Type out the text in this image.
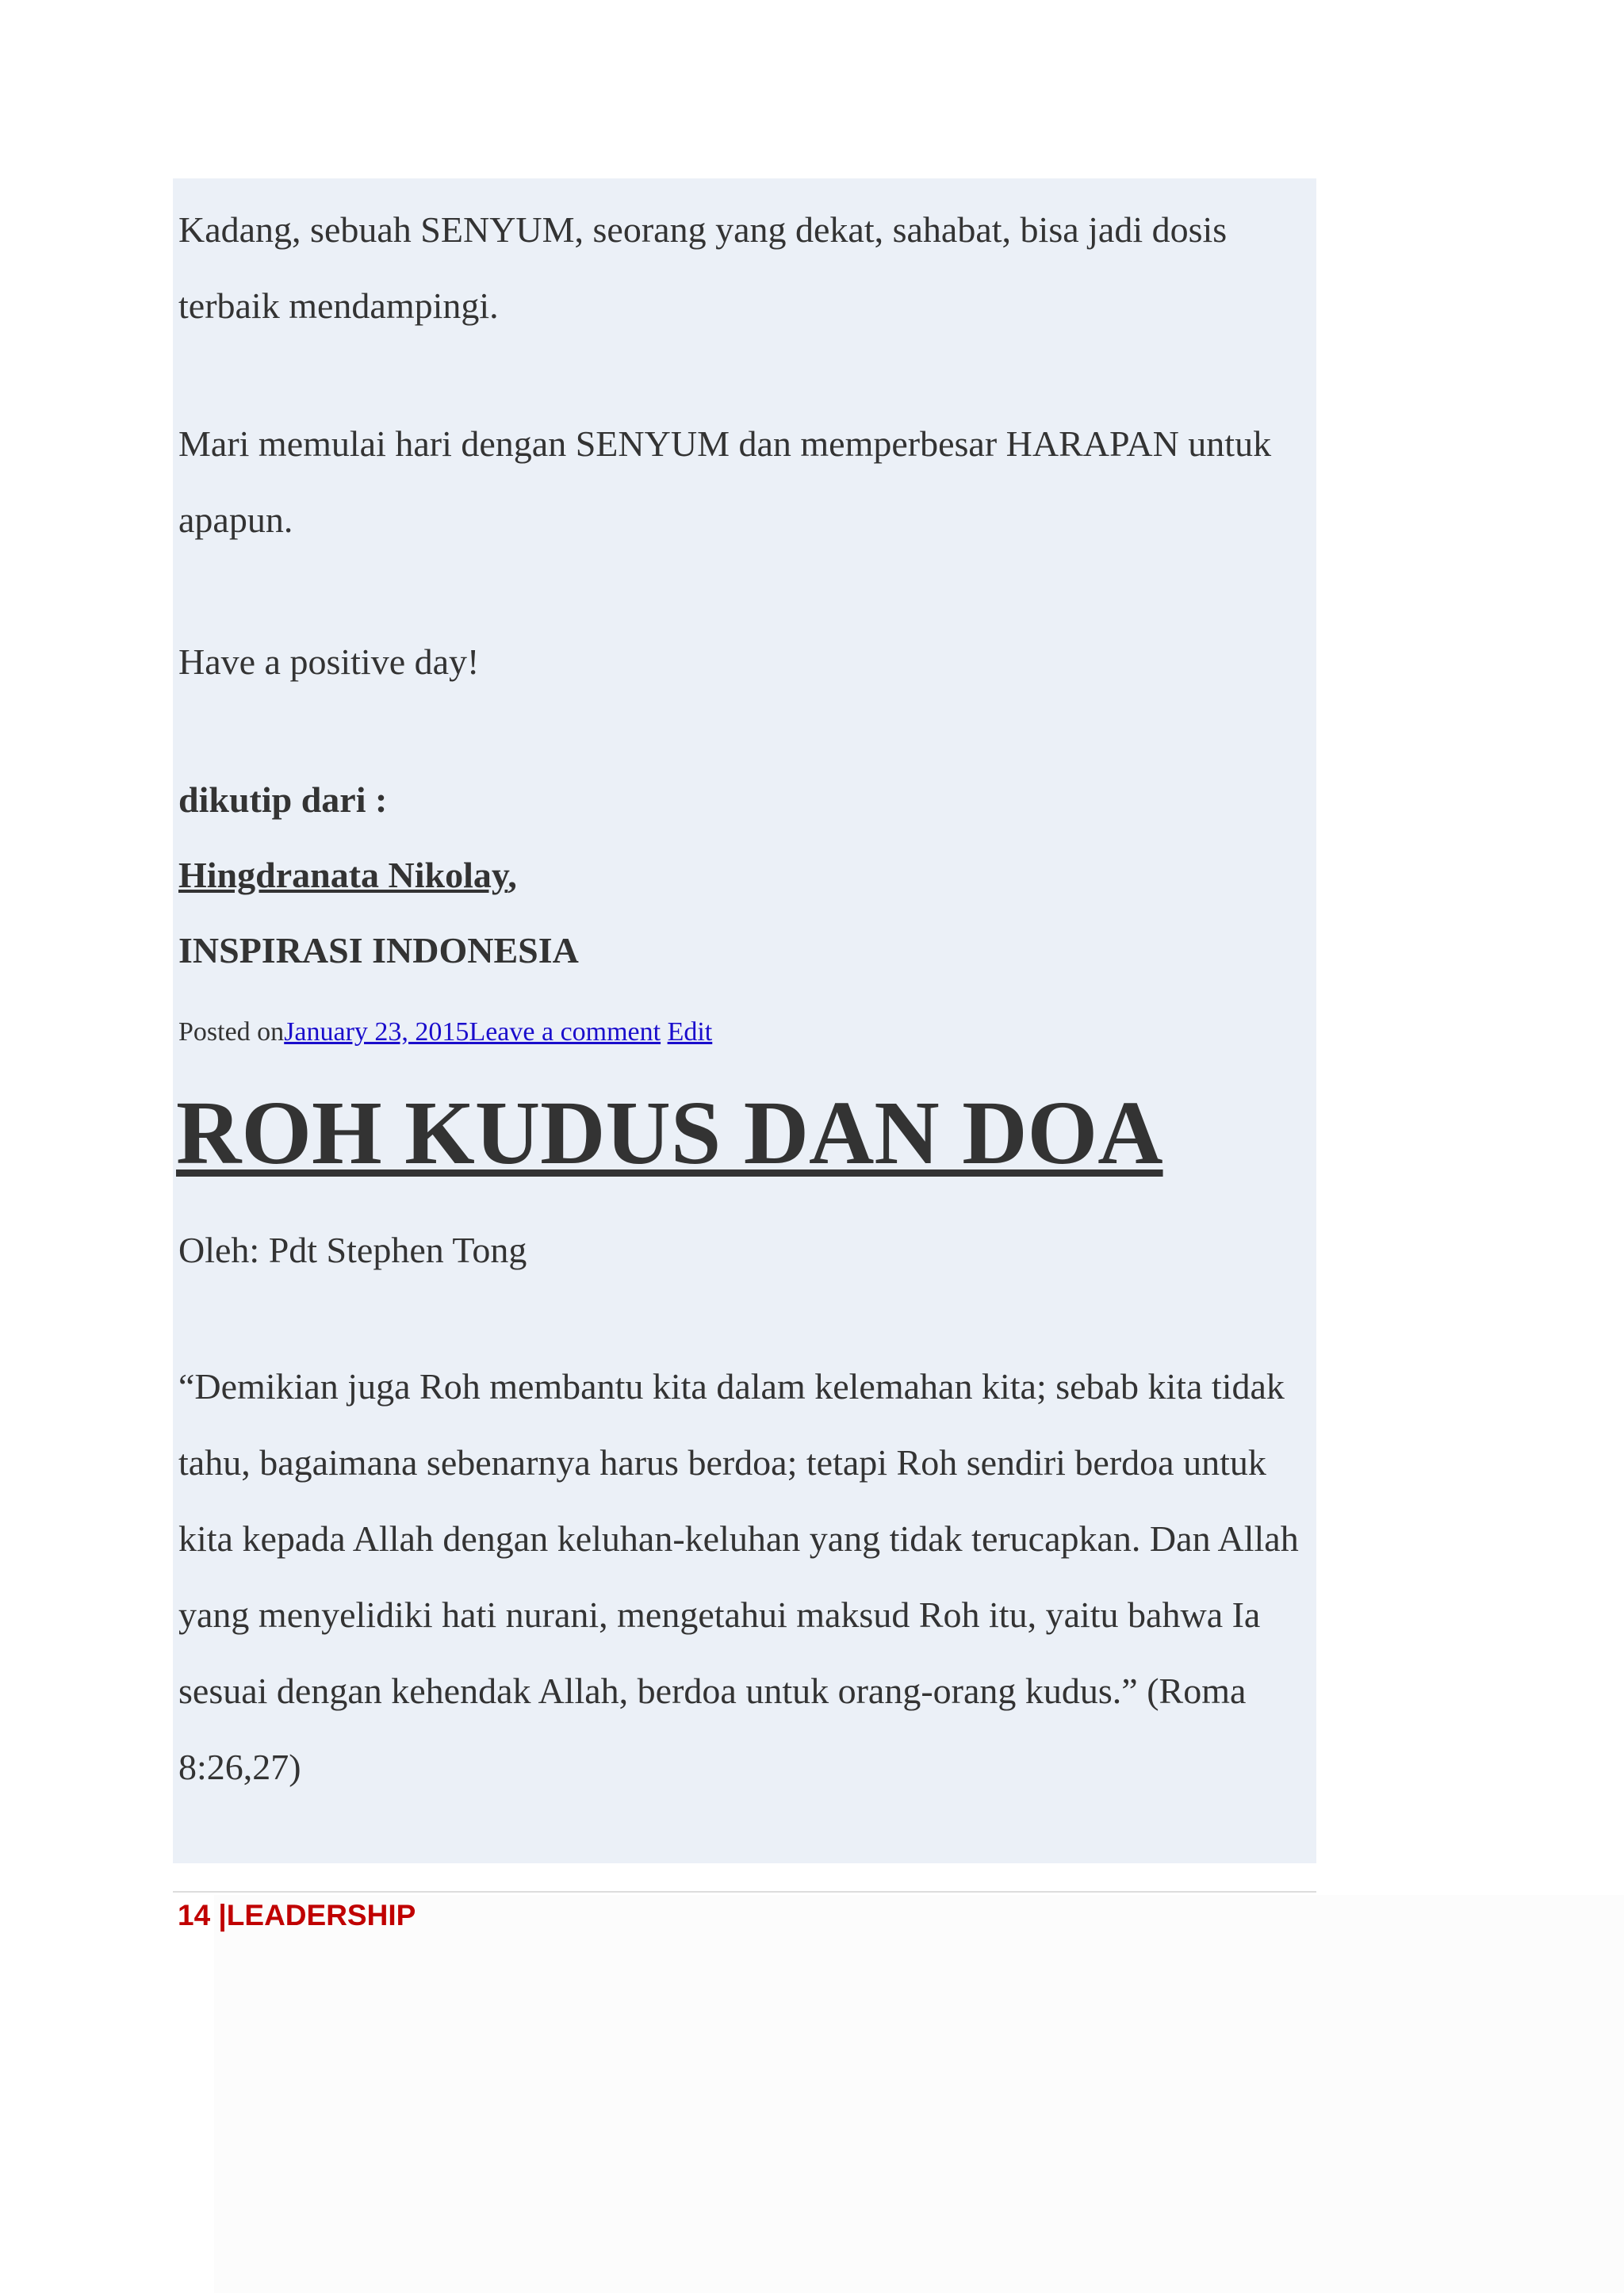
Kadang, sebuah SENYUM, seorang yang dekat, sahabat, bisa jadi dosis terbaik mendampingi.

Mari memulai hari dengan SENYUM dan memperbesar HARAPAN untuk apapun.

Have a positive day!

dikutip dari :
Hingdranata Nikolay,
INSPIRASI INDONESIA
Posted onJanuary 23, 2015Leave a comment Edit
ROH KUDUS DAN DOA

Oleh: Pdt Stephen Tong

“Demikian juga Roh membantu kita dalam kelemahan kita; sebab kita tidak tahu, bagaimana sebenarnya harus berdoa; tetapi Roh sendiri berdoa untuk kita kepada Allah dengan keluhan-keluhan yang tidak terucapkan. Dan Allah yang menyelidiki hati nurani, mengetahui maksud Roh itu, yaitu bahwa Ia sesuai dengan kehendak Allah, berdoa untuk orang-orang kudus.” (Roma 8:26,27)

14 |LEADERSHIP
